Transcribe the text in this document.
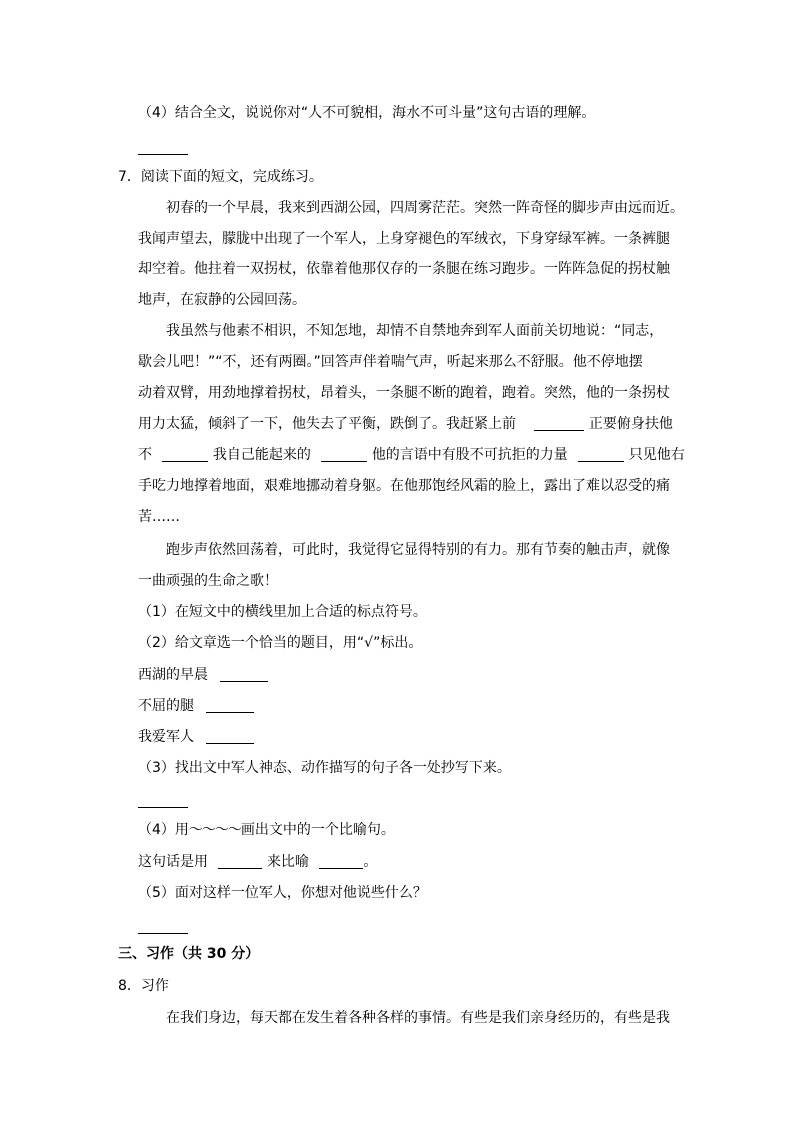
（4）结合全文，说说你对“人不可貌相，海水不可斗量”这句古语的理解。
7．阅读下面的短文，完成练习。
初春的一个早晨，我来到西湖公园，四周雾茫茫。突然一阵奇怪的脚步声由远而近。
我闻声望去，朦胧中出现了一个军人，上身穿褪色的军绒衣，下身穿绿军裤。一条裤腿
却空着。他拄着一双拐杖，依靠着他那仅存的一条腿在练习跑步。一阵阵急促的拐杖触
地声，在寂静的公园回荡。
我虽然与他素不相识，不知怎地，却情不自禁地奔到军人面前关切地说：“同志，
歇会儿吧！”“不，还有两圈。”回答声伴着喘气声，听起来那么不舒服。他不停地摆
动着双臂，用劲地撑着拐杖，昂着头，一条腿不断的跑着，跑着。突然，他的一条拐杖
用力太猛，倾斜了一下，他失去了平衡，跌倒了。我赶紧上前	正要俯身扶他
不	我自己能起来的	他的言语中有股不可抗拒的力量	只见他右
手吃力地撑着地面，艰难地挪动着身躯。在他那饱经风霜的脸上，露出了难以忍受的痛
苦……
跑步声依然回荡着，可此时，我觉得它显得特别的有力。那有节奏的触击声，就像
一曲顽强的生命之歌！
（1）在短文中的横线里加上合适的标点符号。
（2）给文章选一个恰当的题目，用“√”标出。
西湖的早晨
不屈的腿
我爱军人
（3）找出文中军人神态、动作描写的句子各一处抄写下来。
（4）用～～～～画出文中的一个比喻句。
这句话是用	来比喻	。
（5）面对这样一位军人，你想对他说些什么？
三、习作（共 30 分）
8．习作
在我们身边，每天都在发生着各种各样的事情。有些是我们亲身经历的，有些是我
